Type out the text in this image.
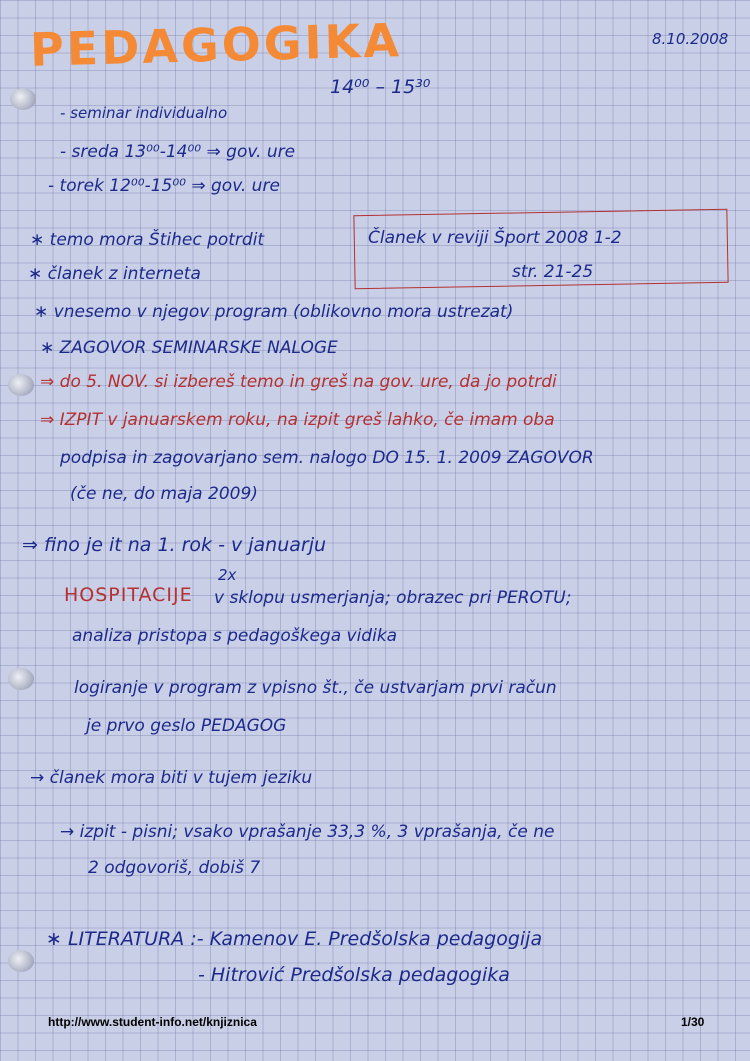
PEDAGOGIKA	8.10.2008
14⁰⁰ – 15³⁰
- seminar individualno
- sreda 13⁰⁰-14⁰⁰ ⇒ gov. ure
- torek 12⁰⁰-15⁰⁰ ⇒ gov. ure
Članek v reviji Šport 2008 1-2
str. 21-25
∗ temo mora Štihec potrdit
∗ članek z interneta
∗ vnesemo v njegov program (oblikovno mora ustrezat)
∗ ZAGOVOR SEMINARSKE NALOGE
⇒ do 5. NOV. si izbereš temo in greš na gov. ure, da jo potrdi
⇒ IZPIT v januarskem roku, na izpit greš lahko, če imam oba
podpisa in zagovarjano sem. nalogo DO 15. 1. 2009 ZAGOVOR
(če ne, do maja 2009)
⇒ fino je it na 1. rok - v januarju
HOSPITACIJE
2x
v sklopu usmerjanja; obrazec pri PEROTU;
analiza pristopa s pedagoškega vidika
logiranje v program z vpisno št., če ustvarjam prvi račun
je prvo geslo PEDAGOG
→ članek mora biti v tujem jeziku
→ izpit - pisni; vsako vprašanje 33,3 %, 3 vprašanja, če ne
2 odgovoriš, dobiš 7
∗ LITERATURA :- Kamenov E. Predšolska pedagogija
- Hitrović Predšolska pedagogika
http://www.student-info.net/knjiznica	1/30
